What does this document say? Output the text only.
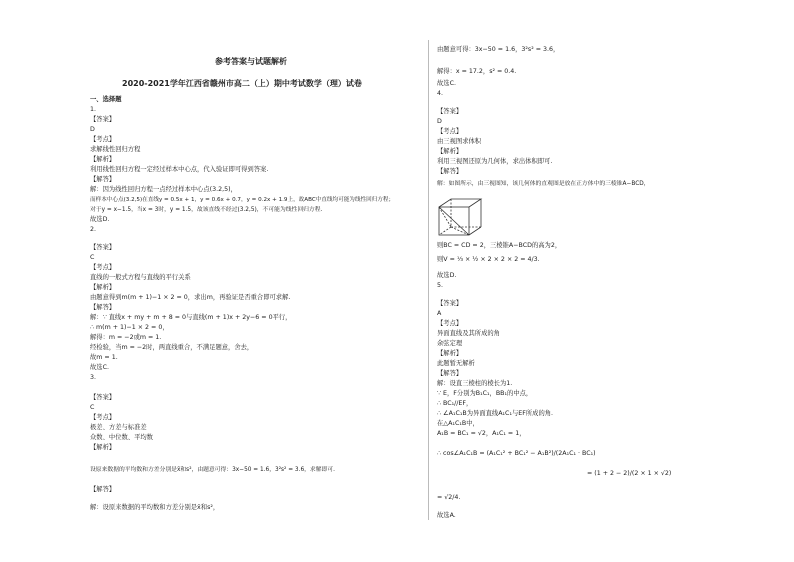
参考答案与试题解析
2020-2021学年江西省赣州市高二（上）期中考试数学（理）试卷
一、选择题
1.
【答案】
D
【考点】
求解线性回归方程
【解析】
利用线性回归方程一定经过样本中心点，代入验证即可得到答案.
【解答】
解：因为线性回归方程一点经过样本中心点(3.2,5)，
而样本中心点(3.2,5)在直线y = 0.5x + 1，y = 0.6x + 0.7，y = 0.2x + 1.9上，故ABC中直线均可能为线性回归方程；
对于y = x−1.5，当x = 3时，y = 1.5，故该直线不经过(3.2,5)，不可能为线性回归方程.
故选D.
2.
【答案】
C
【考点】
直线的一般式方程与直线的平行关系
【解析】
由题意得到m(m + 1)−1 × 2 = 0，求出m，再验证是否重合即可求解.
【解答】
解：∵ 直线x + my + m + 8 = 0与直线(m + 1)x + 2y−6 = 0平行，
∴ m(m + 1)−1 × 2 = 0，
解得：m = −2或m = 1.
经检验，当m = −2时，两直线重合，不满足题意，舍去，
故m = 1.
故选C.
3.
【答案】
C
【考点】
极差、方差与标准差
众数、中位数、平均数
【解析】
设原来数据的平均数和方差分别是x̄和s²，由题意可得：3x−50 = 1.6，3²s² = 3.6，求解即可.
【解答】
解：设原来数据的平均数和方差分别是x̄和s²，
由题意可得：3x−50 = 1.6，3²s² = 3.6，
解得：x = 17.2，s² = 0.4.
故选C.
4.
【答案】
D
【考点】
由三视图求体积
【解析】
利用三视图还原为几何体，求出体积即可.
【解答】
解：如图所示，由三视图知，该几何体的直观图是放在正方体中的三棱锥A−BCD，
则BC = CD = 2，三棱锥A−BCD的高为2，
则V = ⅓ × ½ × 2 × 2 × 2 = 4/3.
故选D.
5.
【答案】
A
【考点】
异面直线及其所成的角
余弦定理
【解析】
此题暂无解析
【解答】
解：设直三棱柱的棱长为1.
∵ E，F分别为B₁C₁，BB₁的中点，
∴ BC₁//EF，
∴ ∠A₁C₁B为异面直线A₁C₁与EF所成的角.
在△A₁C₁B中，
A₁B = BC₁ = √2，A₁C₁ = 1，
∴ cos∠A₁C₁B = (A₁C₁² + BC₁² − A₁B²)/(2A₁C₁ · BC₁)
= (1 + 2 − 2)/(2 × 1 × √2)
= √2/4.
故选A.
